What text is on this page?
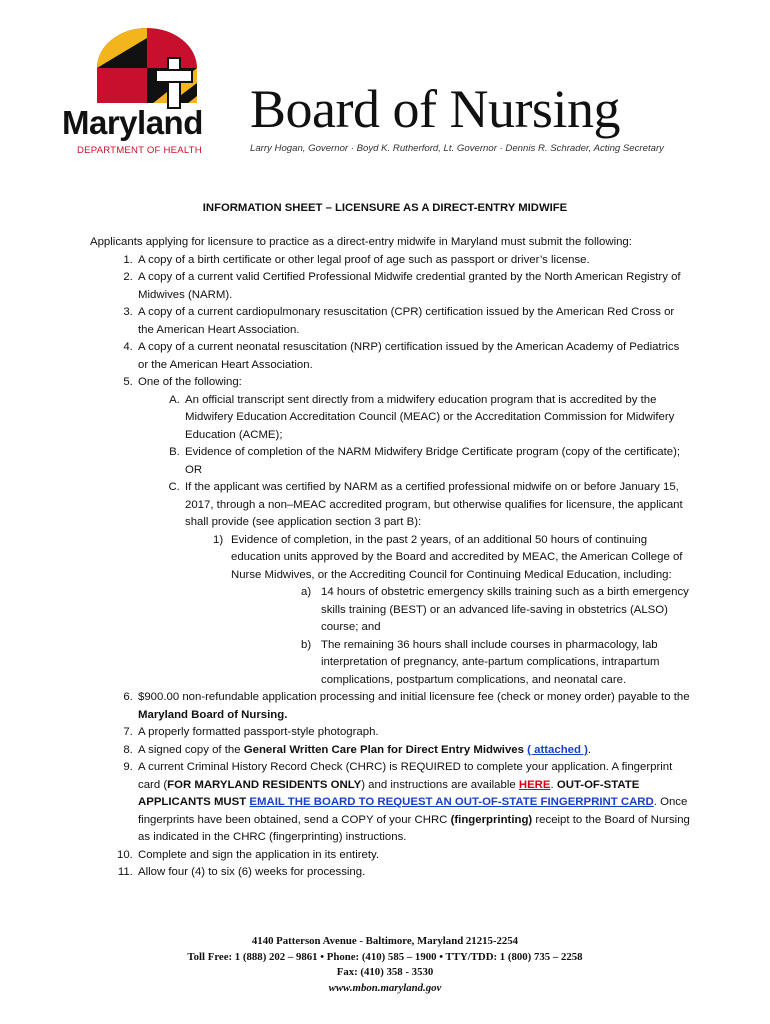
Maryland
DEPARTMENT OF HEALTH
Board of Nursing
Larry Hogan, Governor · Boyd K. Rutherford, Lt. Governor · Dennis R. Schrader, Acting Secretary
INFORMATION SHEET – LICENSURE AS A DIRECT-ENTRY MIDWIFE

Applicants applying for licensure to practice as a direct-entry midwife in Maryland must submit the following:

1. A copy of a birth certificate or other legal proof of age such as passport or driver’s license.
2. A copy of a current valid Certified Professional Midwife credential granted by the North American Registry of Midwives (NARM).
3. A copy of a current cardiopulmonary resuscitation (CPR) certification issued by the American Red Cross or the American Heart Association.
4. A copy of a current neonatal resuscitation (NRP) certification issued by the American Academy of Pediatrics or the American Heart Association.
5. One of the following:
A. An official transcript sent directly from a midwifery education program that is accredited by the Midwifery Education Accreditation Council (MEAC) or the Accreditation Commission for Midwifery Education (ACME);
B. Evidence of completion of the NARM Midwifery Bridge Certificate program (copy of the certificate); OR
C. If the applicant was certified by NARM as a certified professional midwife on or before January 15, 2017, through a non–MEAC accredited program, but otherwise qualifies for licensure, the applicant shall provide (see application section 3 part B):
1) Evidence of completion, in the past 2 years, of an additional 50 hours of continuing education units approved by the Board and accredited by MEAC, the American College of Nurse Midwives, or the Accrediting Council for Continuing Medical Education, including:
a) 14 hours of obstetric emergency skills training such as a birth emergency skills training (BEST) or an advanced life-saving in obstetrics (ALSO) course; and
b) The remaining 36 hours shall include courses in pharmacology, lab interpretation of pregnancy, ante-partum complications, intrapartum complications, postpartum complications, and neonatal care.
6. $900.00 non-refundable application processing and initial licensure fee (check or money order) payable to the Maryland Board of Nursing.
7. A properly formatted passport-style photograph.
8. A signed copy of the General Written Care Plan for Direct Entry Midwives ( attached ).
9. A current Criminal History Record Check (CHRC) is REQUIRED to complete your application. A fingerprint card (FOR MARYLAND RESIDENTS ONLY) and instructions are available HERE. OUT-OF-STATE APPLICANTS MUST EMAIL THE BOARD TO REQUEST AN OUT-OF-STATE FINGERPRINT CARD. Once fingerprints have been obtained, send a COPY of your CHRC (fingerprinting) receipt to the Board of Nursing as indicated in the CHRC (fingerprinting) instructions.
10. Complete and sign the application in its entirety.
11. Allow four (4) to six (6) weeks for processing.
4140 Patterson Avenue - Baltimore, Maryland 21215-2254
Toll Free: 1 (888) 202 – 9861 • Phone: (410) 585 – 1900 • TTY/TDD: 1 (800) 735 – 2258
Fax: (410) 358 - 3530
www.mbon.maryland.gov
